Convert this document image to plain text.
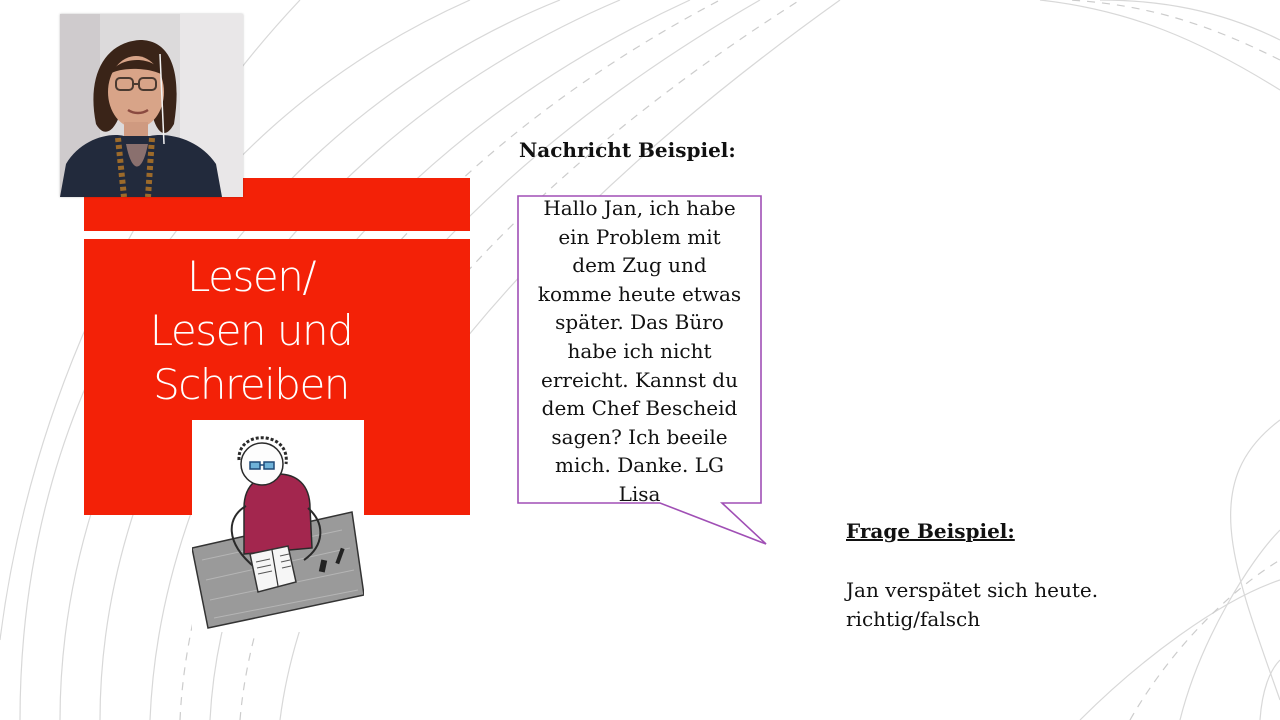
Lesen/
Lesen und
Schreiben
Nachricht Beispiel:
Hallo Jan, ich habe
ein Problem mit
dem Zug und
komme heute etwas
später. Das Büro
habe ich nicht
erreicht. Kannst du
dem Chef Bescheid
sagen? Ich beeile
mich. Danke. LG
Lisa
Frage Beispiel:
Jan verspätet sich heute.
richtig/falsch
